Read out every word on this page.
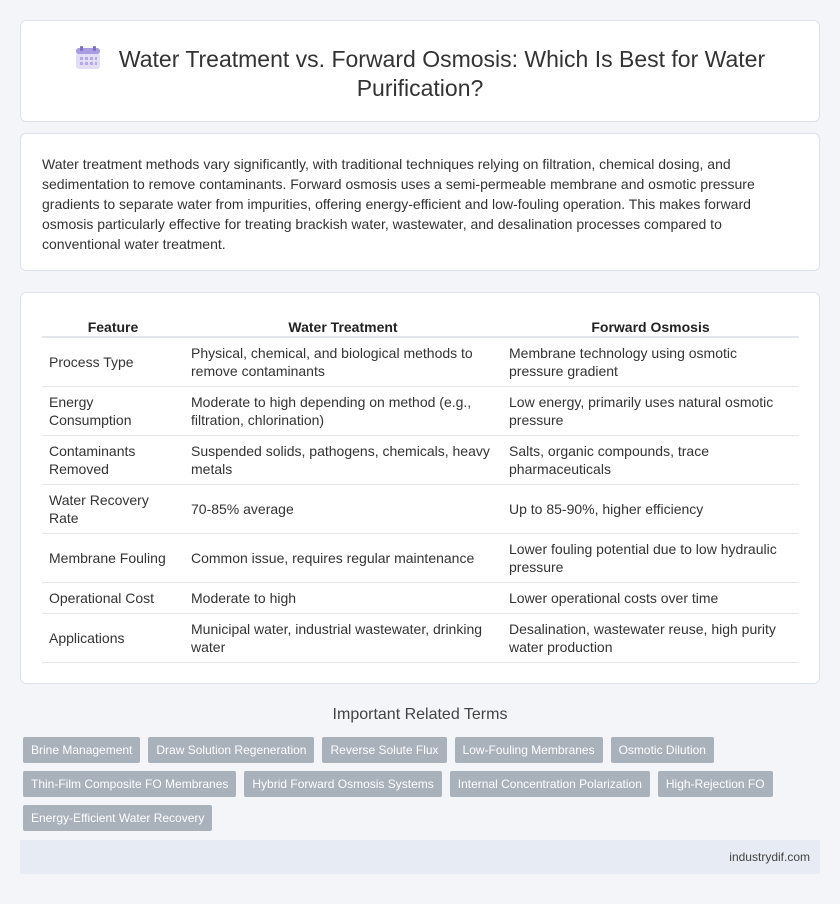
Water Treatment vs. Forward Osmosis: Which Is Best for Water Purification?

Water treatment methods vary significantly, with traditional techniques relying on filtration, chemical dosing, and sedimentation to remove contaminants. Forward osmosis uses a semi-permeable membrane and osmotic pressure gradients to separate water from impurities, offering energy-efficient and low-fouling operation. This makes forward osmosis particularly effective for treating brackish water, wastewater, and desalination processes compared to conventional water treatment.

Feature	Water Treatment	Forward Osmosis
Process Type	Physical, chemical, and biological methods to remove contaminants	Membrane technology using osmotic pressure gradient
Energy Consumption	Moderate to high depending on method (e.g., filtration, chlorination)	Low energy, primarily uses natural osmotic pressure
Contaminants Removed	Suspended solids, pathogens, chemicals, heavy metals	Salts, organic compounds, trace pharmaceuticals
Water Recovery Rate	70-85% average	Up to 85-90%, higher efficiency
Membrane Fouling	Common issue, requires regular maintenance	Lower fouling potential due to low hydraulic pressure
Operational Cost	Moderate to high	Lower operational costs over time
Applications	Municipal water, industrial wastewater, drinking water	Desalination, wastewater reuse, high purity water production
Important Related Terms
Brine Management	Draw Solution Regeneration	Reverse Solute Flux	Low-Fouling Membranes	Osmotic Dilution
Thin-Film Composite FO Membranes	Hybrid Forward Osmosis Systems	Internal Concentration Polarization	High-Rejection FO
Energy-Efficient Water Recovery
industrydif.com
